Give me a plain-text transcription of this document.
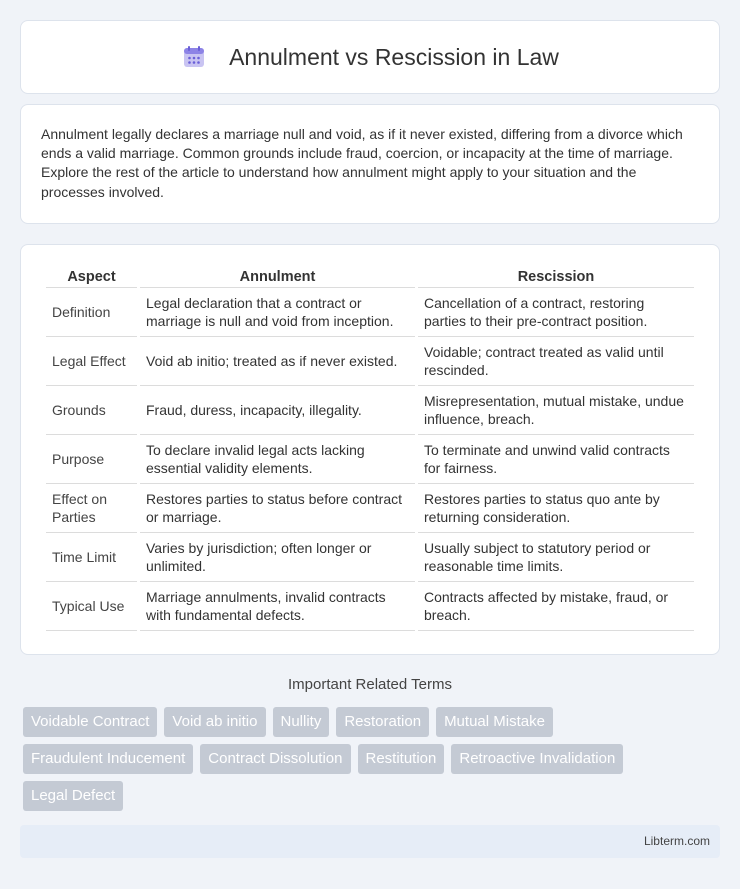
Annulment vs Rescission in Law

Annulment legally declares a marriage null and void, as if it never existed, differing from a divorce which ends a valid marriage. Common grounds include fraud, coercion, or incapacity at the time of marriage. Explore the rest of the article to understand how annulment might apply to your situation and the processes involved.

Aspect	Annulment	Rescission
Definition	Legal declaration that a contract or marriage is null and void from inception.	Cancellation of a contract, restoring parties to their pre-contract position.
Legal Effect	Void ab initio; treated as if never existed.	Voidable; contract treated as valid until rescinded.
Grounds	Fraud, duress, incapacity, illegality.	Misrepresentation, mutual mistake, undue influence, breach.
Purpose	To declare invalid legal acts lacking essential validity elements.	To terminate and unwind valid contracts for fairness.
Effect on Parties	Restores parties to status before contract or marriage.	Restores parties to status quo ante by returning consideration.
Time Limit	Varies by jurisdiction; often longer or unlimited.	Usually subject to statutory period or reasonable time limits.
Typical Use	Marriage annulments, invalid contracts with fundamental defects.	Contracts affected by mistake, fraud, or breach.
Important Related Terms
Voidable Contract	Void ab initio	Nullity	Restoration	Mutual Mistake
Fraudulent Inducement	Contract Dissolution	Restitution	Retroactive Invalidation
Legal Defect
Libterm.com
